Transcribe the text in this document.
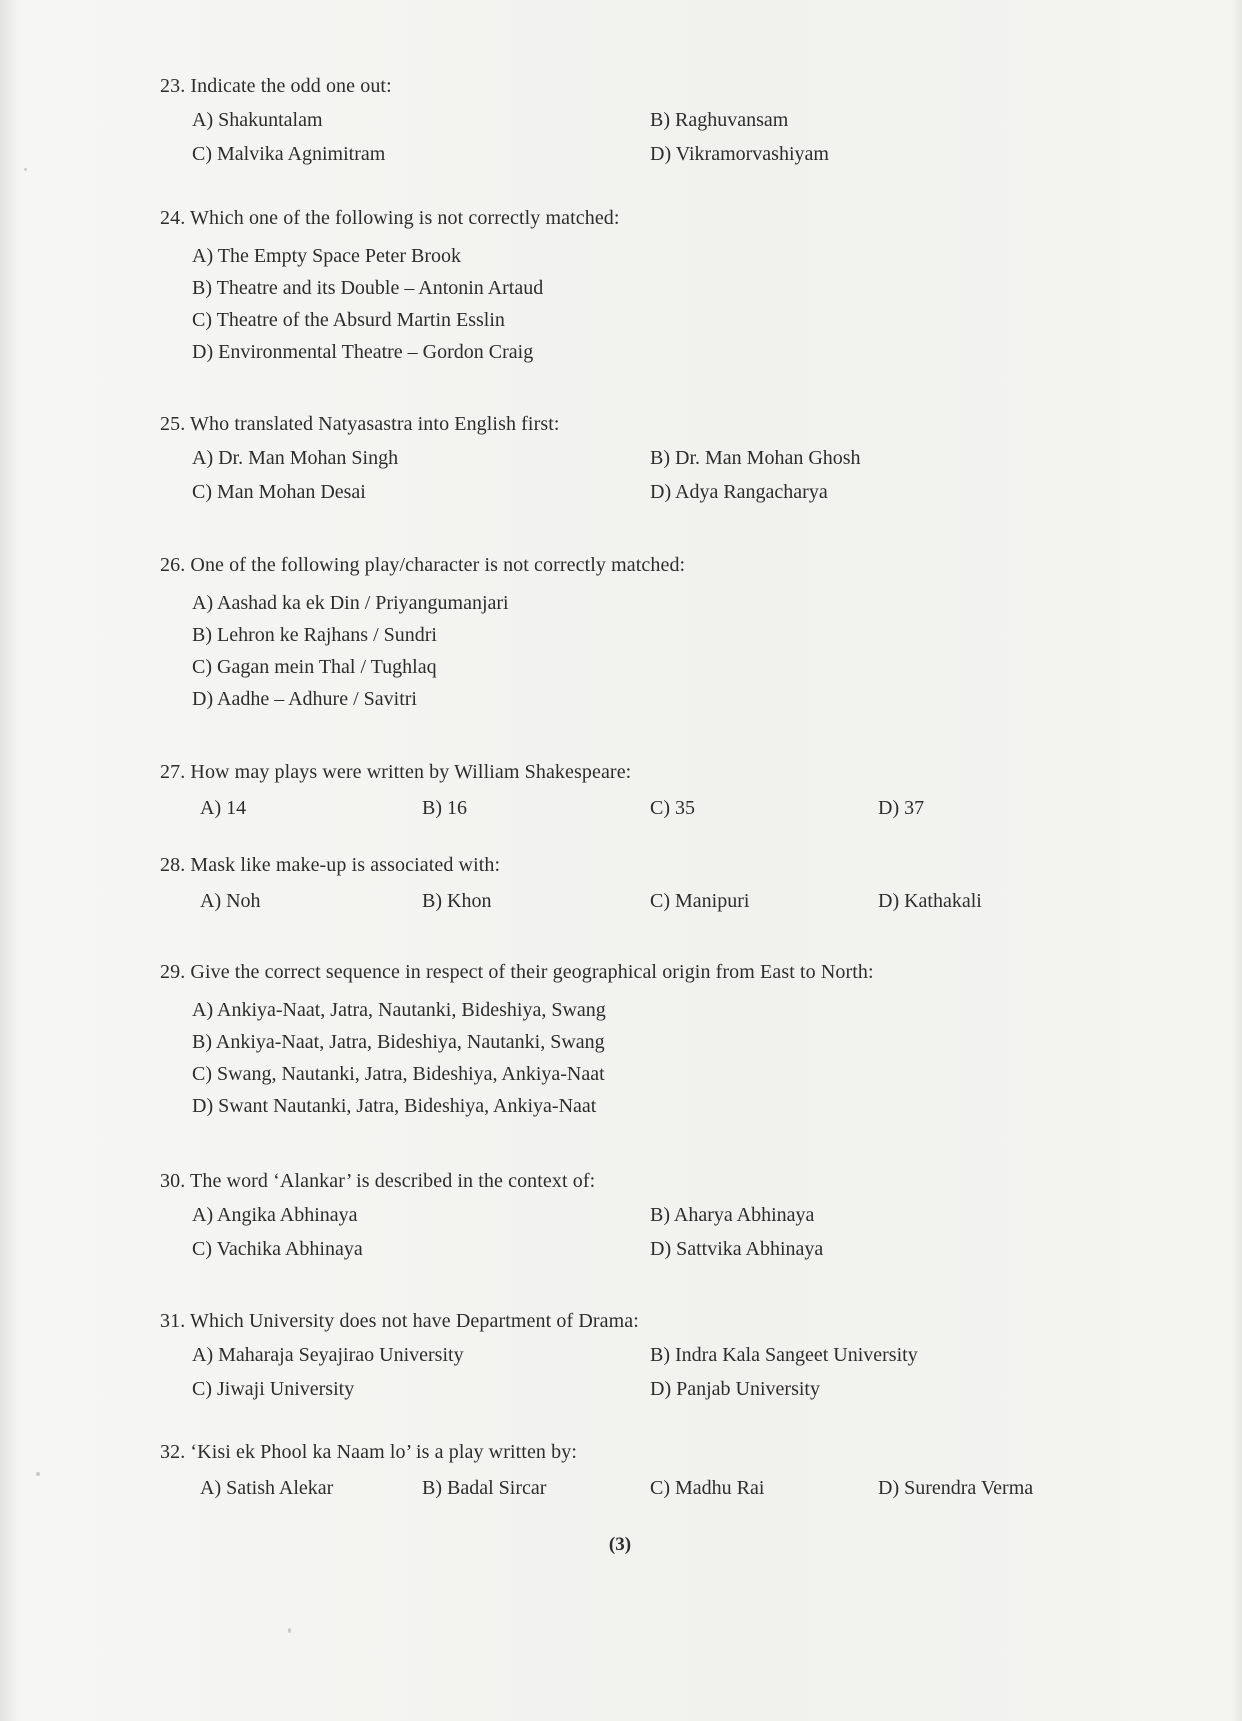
23. Indicate the odd one out:
A) Shakuntalam	B) Raghuvansam
C) Malvika Agnimitram	D) Vikramorvashiyam
24. Which one of the following is not correctly matched:
A) The Empty Space Peter Brook
B) Theatre and its Double – Antonin Artaud
C) Theatre of the Absurd Martin Esslin
D) Environmental Theatre – Gordon Craig
25. Who translated Natyasastra into English first:
A) Dr. Man Mohan Singh	B) Dr. Man Mohan Ghosh
C) Man Mohan Desai	D) Adya Rangacharya
26. One of the following play/character is not correctly matched:
A) Aashad ka ek Din / Priyangumanjari
B) Lehron ke Rajhans / Sundri
C) Gagan mein Thal / Tughlaq
D) Aadhe – Adhure / Savitri
27. How may plays were written by William Shakespeare:
A) 14	B) 16	C) 35	D) 37
28. Mask like make-up is associated with:
A) Noh	B) Khon	C) Manipuri	D) Kathakali
29. Give the correct sequence in respect of their geographical origin from East to North:
A) Ankiya-Naat, Jatra, Nautanki, Bideshiya, Swang
B) Ankiya-Naat, Jatra, Bideshiya, Nautanki, Swang
C) Swang, Nautanki, Jatra, Bideshiya, Ankiya-Naat
D) Swant Nautanki, Jatra, Bideshiya, Ankiya-Naat
30. The word ‘Alankar’ is described in the context of:
A) Angika Abhinaya	B) Aharya Abhinaya
C) Vachika Abhinaya	D) Sattvika Abhinaya
31. Which University does not have Department of Drama:
A) Maharaja Seyajirao University	B) Indra Kala Sangeet University
C) Jiwaji University	D) Panjab University
32. ‘Kisi ek Phool ka Naam lo’ is a play written by:
A) Satish Alekar	B) Badal Sircar	C) Madhu Rai	D) Surendra Verma
(3)
